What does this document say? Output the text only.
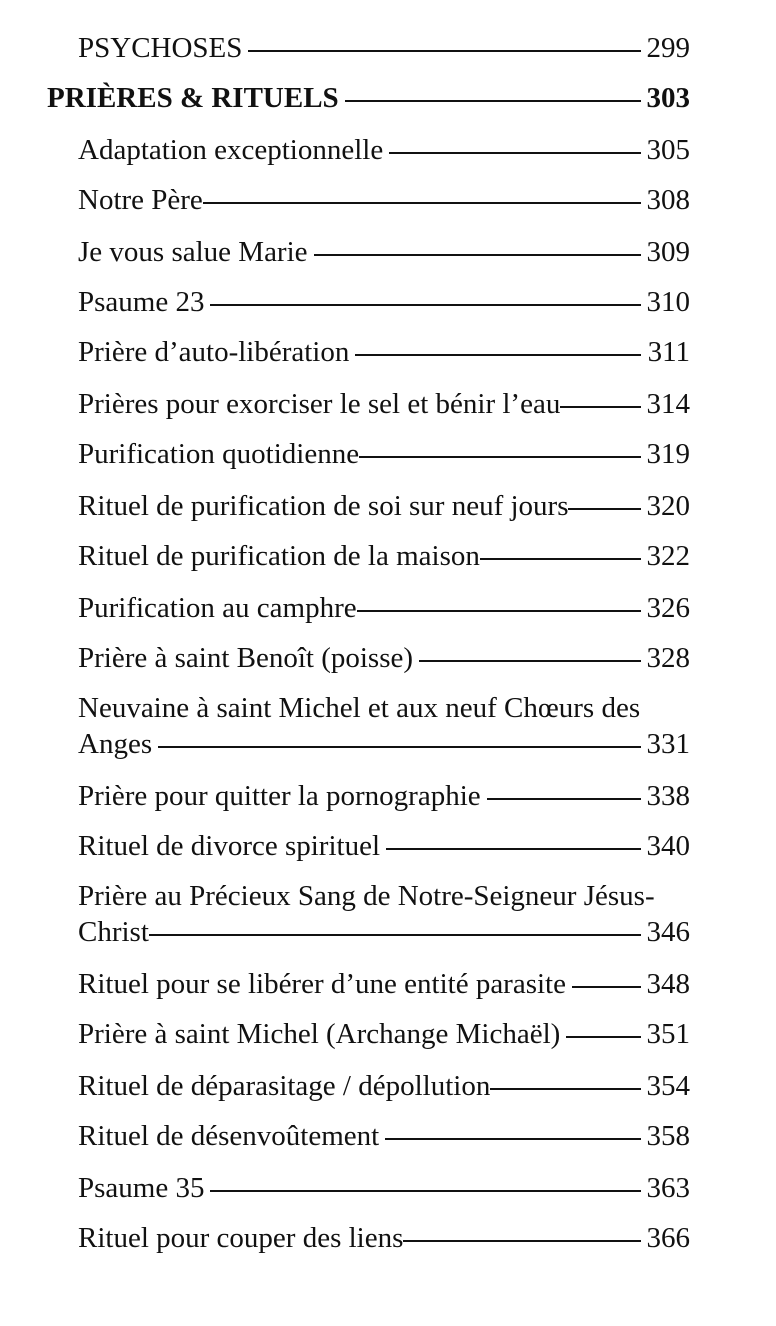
PSYCHOSES	299
PRIÈRES & RITUELS	303
Adaptation exceptionnelle	305
Notre Père	308
Je vous salue Marie	309
Psaume 23	310
Prière d’auto-libération	311
Prières pour exorciser le sel et bénir l’eau	314
Purification quotidienne	319
Rituel de purification de soi sur neuf jours	320
Rituel de purification de la maison	322
Purification au camphre	326
Prière à saint Benoît (poisse)	328
Neuvaine à saint Michel et aux neuf Chœurs des
Anges	331
Prière pour quitter la pornographie	338
Rituel de divorce spirituel	340
Prière au Précieux Sang de Notre-Seigneur Jésus-
Christ	346
Rituel pour se libérer d’une entité parasite	348
Prière à saint Michel (Archange Michaël)	351
Rituel de déparasitage / dépollution	354
Rituel de désenvoûtement	358
Psaume 35	363
Rituel pour couper des liens	366
